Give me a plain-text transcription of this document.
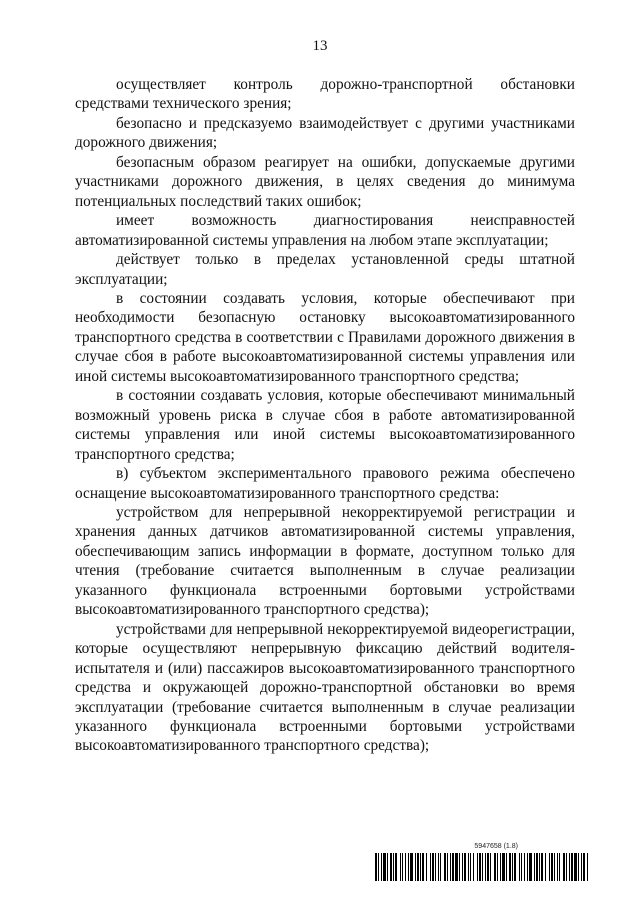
13

осуществляет контроль дорожно-транспортной обстановки средствами технического зрения;

безопасно и предсказуемо взаимодействует с другими участниками дорожного движения;

безопасным образом реагирует на ошибки, допускаемые другими участниками дорожного движения, в целях сведения до минимума потенциальных последствий таких ошибок;

имеет возможность диагностирования неисправностей автоматизированной системы управления на любом этапе эксплуатации;

действует только в пределах установленной среды штатной эксплуатации;

в состоянии создавать условия, которые обеспечивают при необходимости безопасную остановку высокоавтоматизированного транспортного средства в соответствии с Правилами дорожного движения в случае сбоя в работе высокоавтоматизированной системы управления или иной системы высокоавтоматизированного транспортного средства;

в состоянии создавать условия, которые обеспечивают минимальный возможный уровень риска в случае сбоя в работе автоматизированной системы управления или иной системы высокоавтоматизированного транспортного средства;

в) субъектом экспериментального правового режима обеспечено оснащение высокоавтоматизированного транспортного средства:

устройством для непрерывной некорректируемой регистрации и хранения данных датчиков автоматизированной системы управления, обеспечивающим запись информации в формате, доступном только для чтения (требование считается выполненным в случае реализации указанного функционала встроенными бортовыми устройствами высокоавтоматизированного транспортного средства);

устройствами для непрерывной некорректируемой видеорегистрации, которые осуществляют непрерывную фиксацию действий водителя-испытателя и (или) пассажиров высокоавтоматизированного транспортного средства и окружающей дорожно-транспортной обстановки во время эксплуатации (требование считается выполненным в случае реализации указанного функционала встроенными бортовыми устройствами высокоавтоматизированного транспортного средства);

5947658 (1.8)
